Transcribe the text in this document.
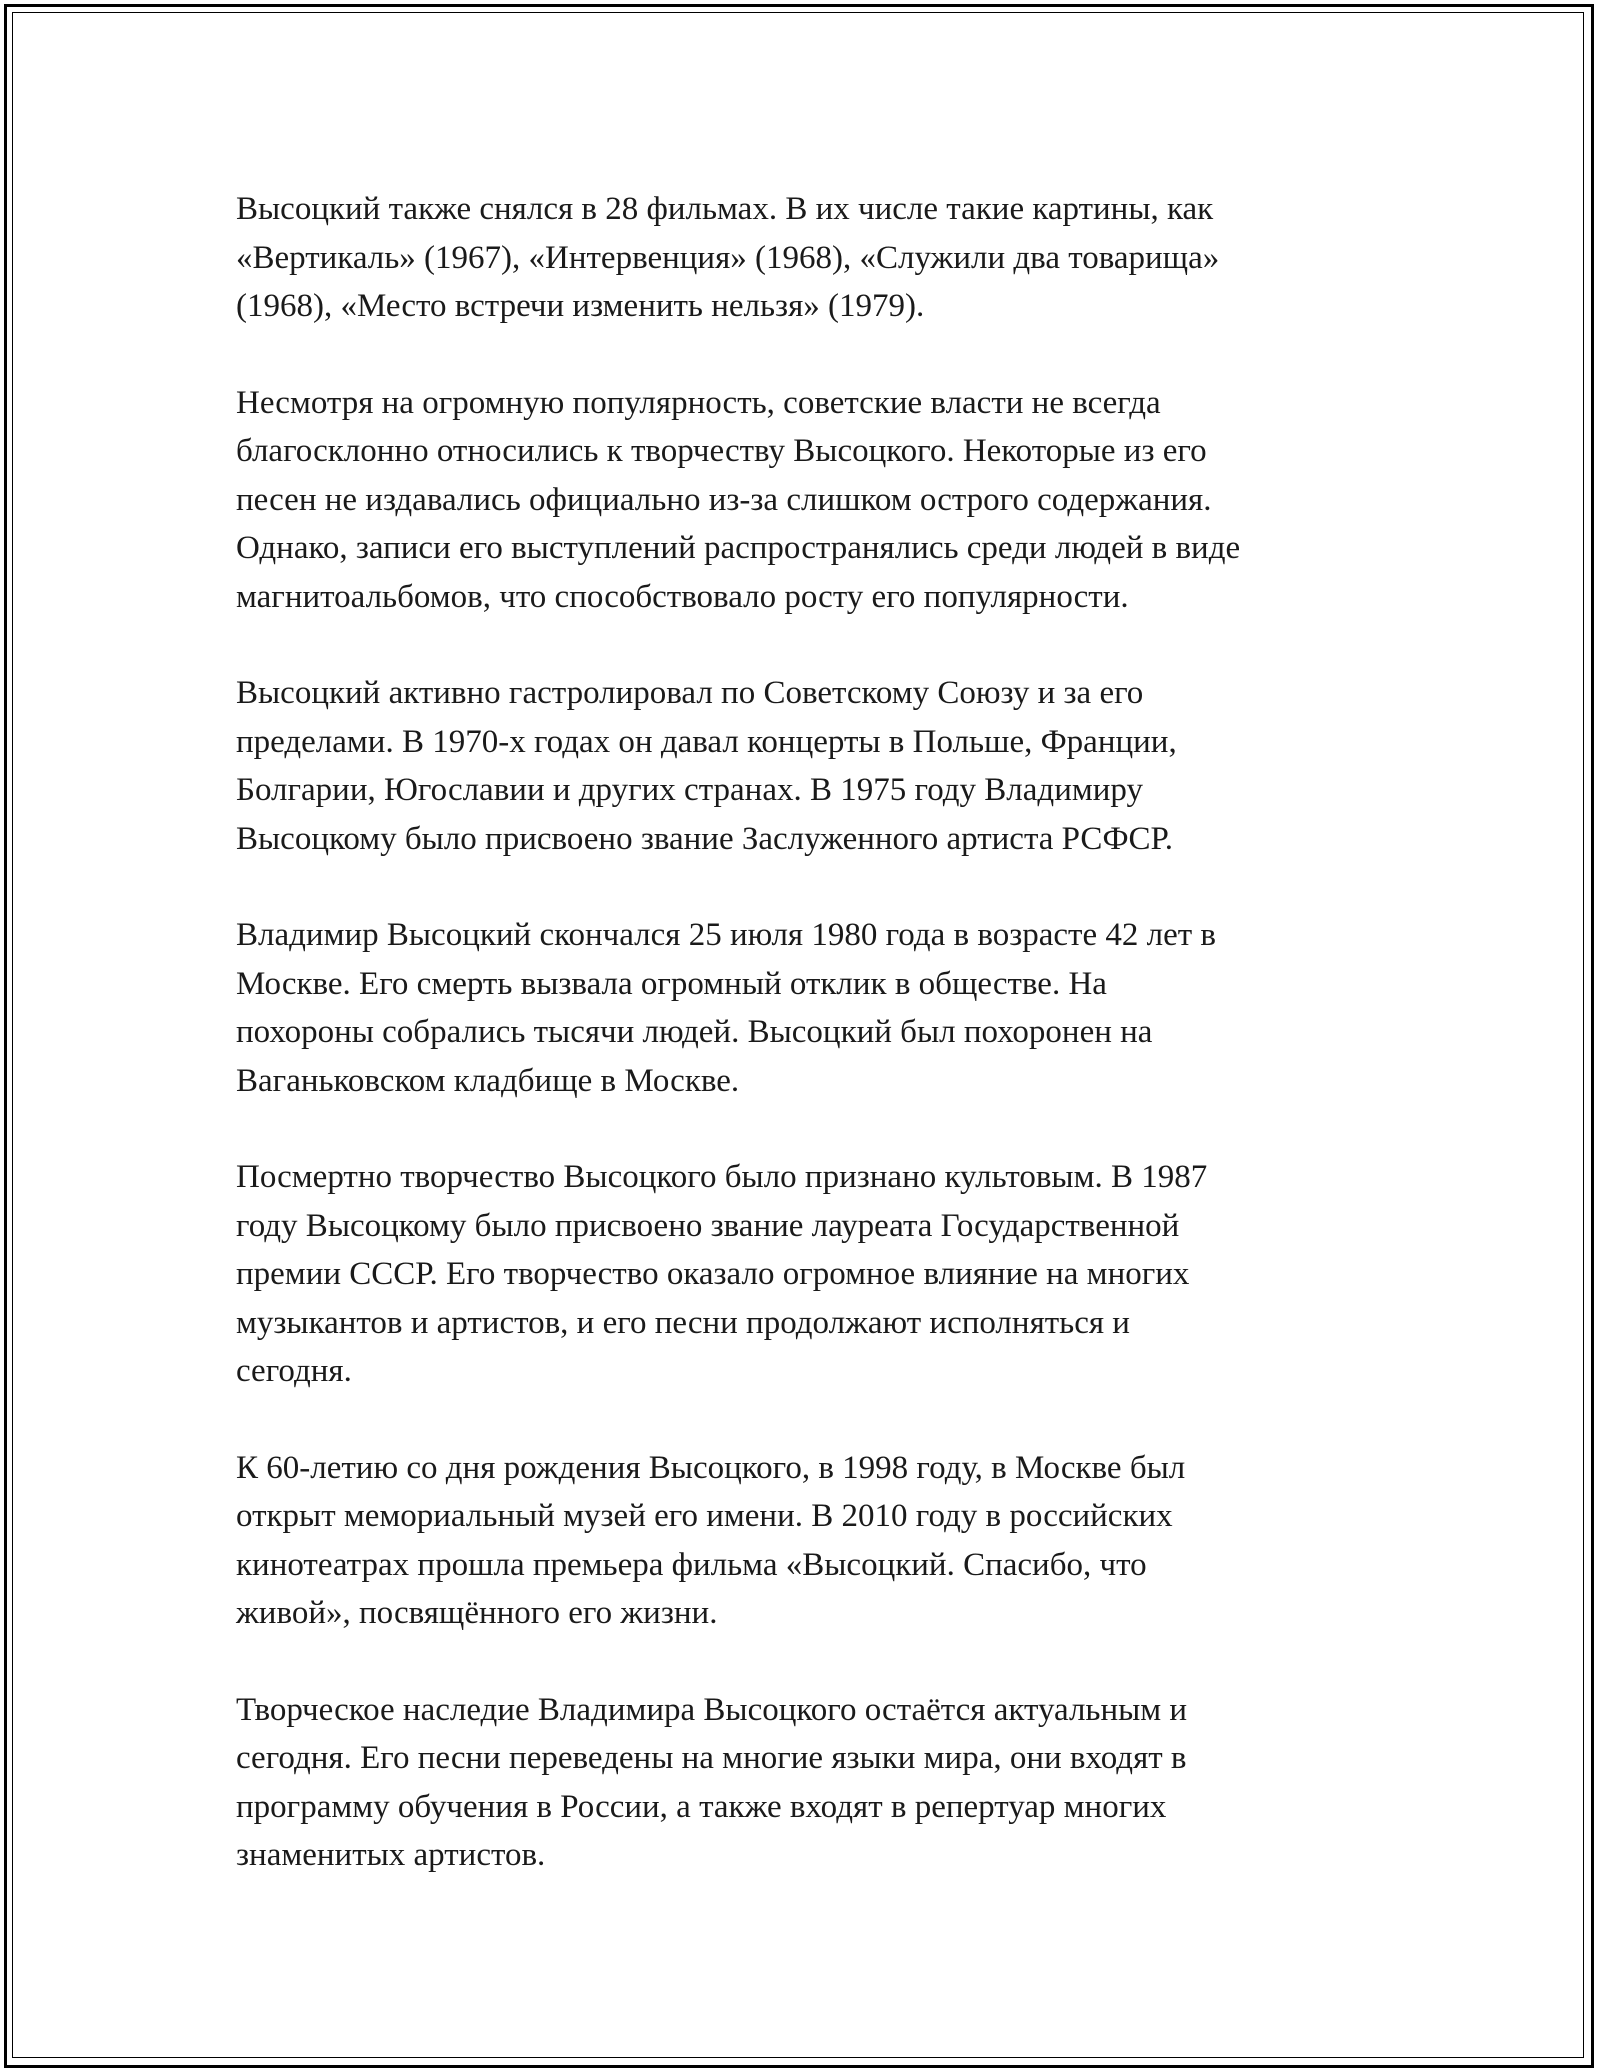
Высоцкий также снялся в 28 фильмах. В их числе такие картины, как
«Вертикаль» (1967), «Интервенция» (1968), «Служили два товарища»
(1968), «Место встречи изменить нельзя» (1979).

Несмотря на огромную популярность, советские власти не всегда
благосклонно относились к творчеству Высоцкого. Некоторые из его
песен не издавались официально из-за слишком острого содержания.
Однако, записи его выступлений распространялись среди людей в виде
магнитоальбомов, что способствовало росту его популярности.

Высоцкий активно гастролировал по Советскому Союзу и за его
пределами. В 1970-х годах он давал концерты в Польше, Франции,
Болгарии, Югославии и других странах. В 1975 году Владимиру
Высоцкому было присвоено звание Заслуженного артиста РСФСР.

Владимир Высоцкий скончался 25 июля 1980 года в возрасте 42 лет в
Москве. Его смерть вызвала огромный отклик в обществе. На
похороны собрались тысячи людей. Высоцкий был похоронен на
Ваганьковском кладбище в Москве.

Посмертно творчество Высоцкого было признано культовым. В 1987
году Высоцкому было присвоено звание лауреата Государственной
премии СССР. Его творчество оказало огромное влияние на многих
музыкантов и артистов, и его песни продолжают исполняться и
сегодня.

К 60-летию со дня рождения Высоцкого, в 1998 году, в Москве был
открыт мемориальный музей его имени. В 2010 году в российских
кинотеатрах прошла премьера фильма «Высоцкий. Спасибо, что
живой», посвящённого его жизни.

Творческое наследие Владимира Высоцкого остаётся актуальным и
сегодня. Его песни переведены на многие языки мира, они входят в
программу обучения в России, а также входят в репертуар многих
знаменитых артистов.
